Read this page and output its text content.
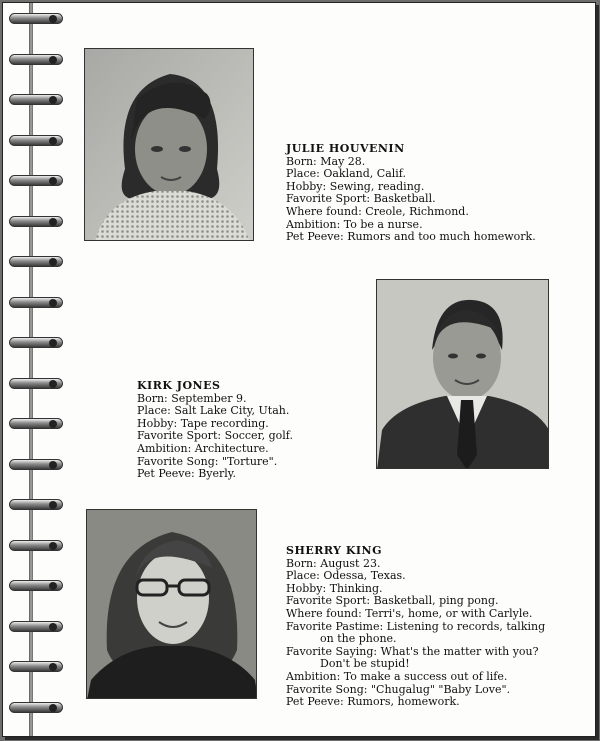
JULIE HOUVENIN
Born: May 28.
Place: Oakland, Calif.
Hobby: Sewing, reading.
Favorite Sport: Basketball.
Where found: Creole, Richmond.
Ambition: To be a nurse.
Pet Peeve: Rumors and too much homework.
KIRK JONES
Born: September 9.
Place: Salt Lake City, Utah.
Hobby: Tape recording.
Favorite Sport: Soccer, golf.
Ambition: Architecture.
Favorite Song: "Torture".
Pet Peeve: Byerly.
SHERRY KING
Born: August 23.
Place: Odessa, Texas.
Hobby: Thinking.
Favorite Sport: Basketball, ping pong.
Where found: Terri's, home, or with Carlyle.
Favorite Pastime: Listening to records, talking
on the phone.
Favorite Saying: What's the matter with you?
Don't be stupid!
Ambition: To make a success out of life.
Favorite Song: "Chugalug" "Baby Love".
Pet Peeve: Rumors, homework.
